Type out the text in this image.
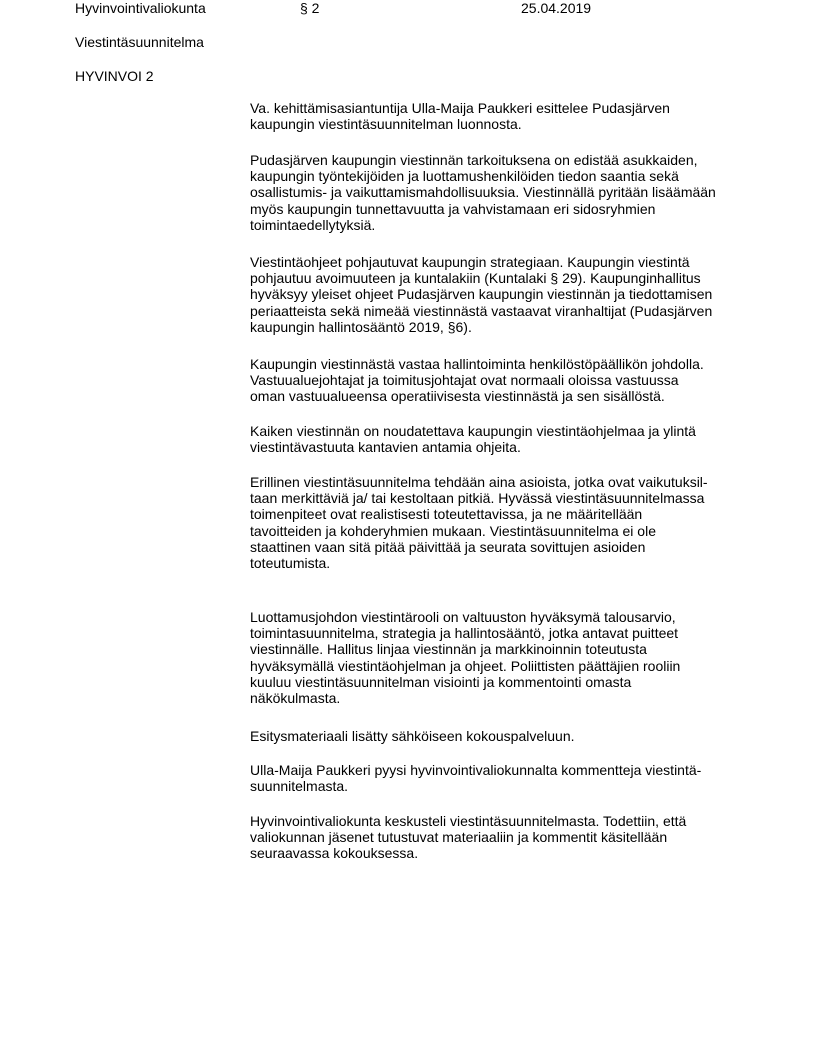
Hyvinvointivaliokunta	§ 2	25.04.2019
Viestintäsuunnitelma
HYVINVOI 2

Va. kehittämisasiantuntija Ulla-Maija Paukkeri esittelee Pudasjärven
kaupungin viestintäsuunnitelman luonnosta.

Pudasjärven kaupungin viestinnän tarkoituksena on edistää asukkaiden,
kaupungin työntekijöiden ja luottamushenkilöiden tiedon saantia sekä
osallistumis- ja vaikuttamismahdollisuuksia. Viestinnällä pyritään lisäämään
myös kaupungin tunnettavuutta ja vahvistamaan eri sidosryhmien
toimintaedellytyksiä.

Viestintäohjeet pohjautuvat kaupungin strategiaan. Kaupungin viestintä
pohjautuu avoimuuteen ja kuntalakiin (Kuntalaki § 29). Kaupunginhallitus
hyväksyy yleiset ohjeet Pudasjärven kaupungin viestinnän ja tiedottamisen
periaatteista sekä nimeää viestinnästä vastaavat viranhaltijat (Pudasjärven
kaupungin hallintosääntö 2019, §6).

Kaupungin viestinnästä vastaa hallintoiminta henkilöstöpäällikön johdolla.
Vastuualuejohtajat ja toimitusjohtajat ovat normaali oloissa vastuussa
oman vastuualueensa operatiivisesta viestinnästä ja sen sisällöstä.

Kaiken viestinnän on noudatettava kaupungin viestintäohjelmaa ja ylintä
viestintävastuuta kantavien antamia ohjeita.

Erillinen viestintäsuunnitelma tehdään aina asioista, jotka ovat vaikutuksil-
taan merkittäviä ja/ tai kestoltaan pitkiä. Hyvässä viestintäsuunnitelmassa
toimenpiteet ovat realistisesti toteutettavissa, ja ne määritellään
tavoitteiden ja kohderyhmien mukaan. Viestintäsuunnitelma ei ole
staattinen vaan sitä pitää päivittää ja seurata sovittujen asioiden
toteutumista.

Luottamusjohdon viestintärooli on valtuuston hyväksymä talousarvio,
toimintasuunnitelma, strategia ja hallintosääntö, jotka antavat puitteet
viestinnälle. Hallitus linjaa viestinnän ja markkinoinnin toteutusta
hyväksymällä viestintäohjelman ja ohjeet. Poliittisten päättäjien rooliin
kuuluu viestintäsuunnitelman visiointi ja kommentointi omasta
näkökulmasta.

Esitysmateriaali lisätty sähköiseen kokouspalveluun.

Ulla-Maija Paukkeri pyysi hyvinvointivaliokunnalta kommentteja viestintä-
suunnitelmasta.

Hyvinvointivaliokunta keskusteli viestintäsuunnitelmasta. Todettiin, että
valiokunnan jäsenet tutustuvat materiaaliin ja kommentit käsitellään
seuraavassa kokouksessa.
